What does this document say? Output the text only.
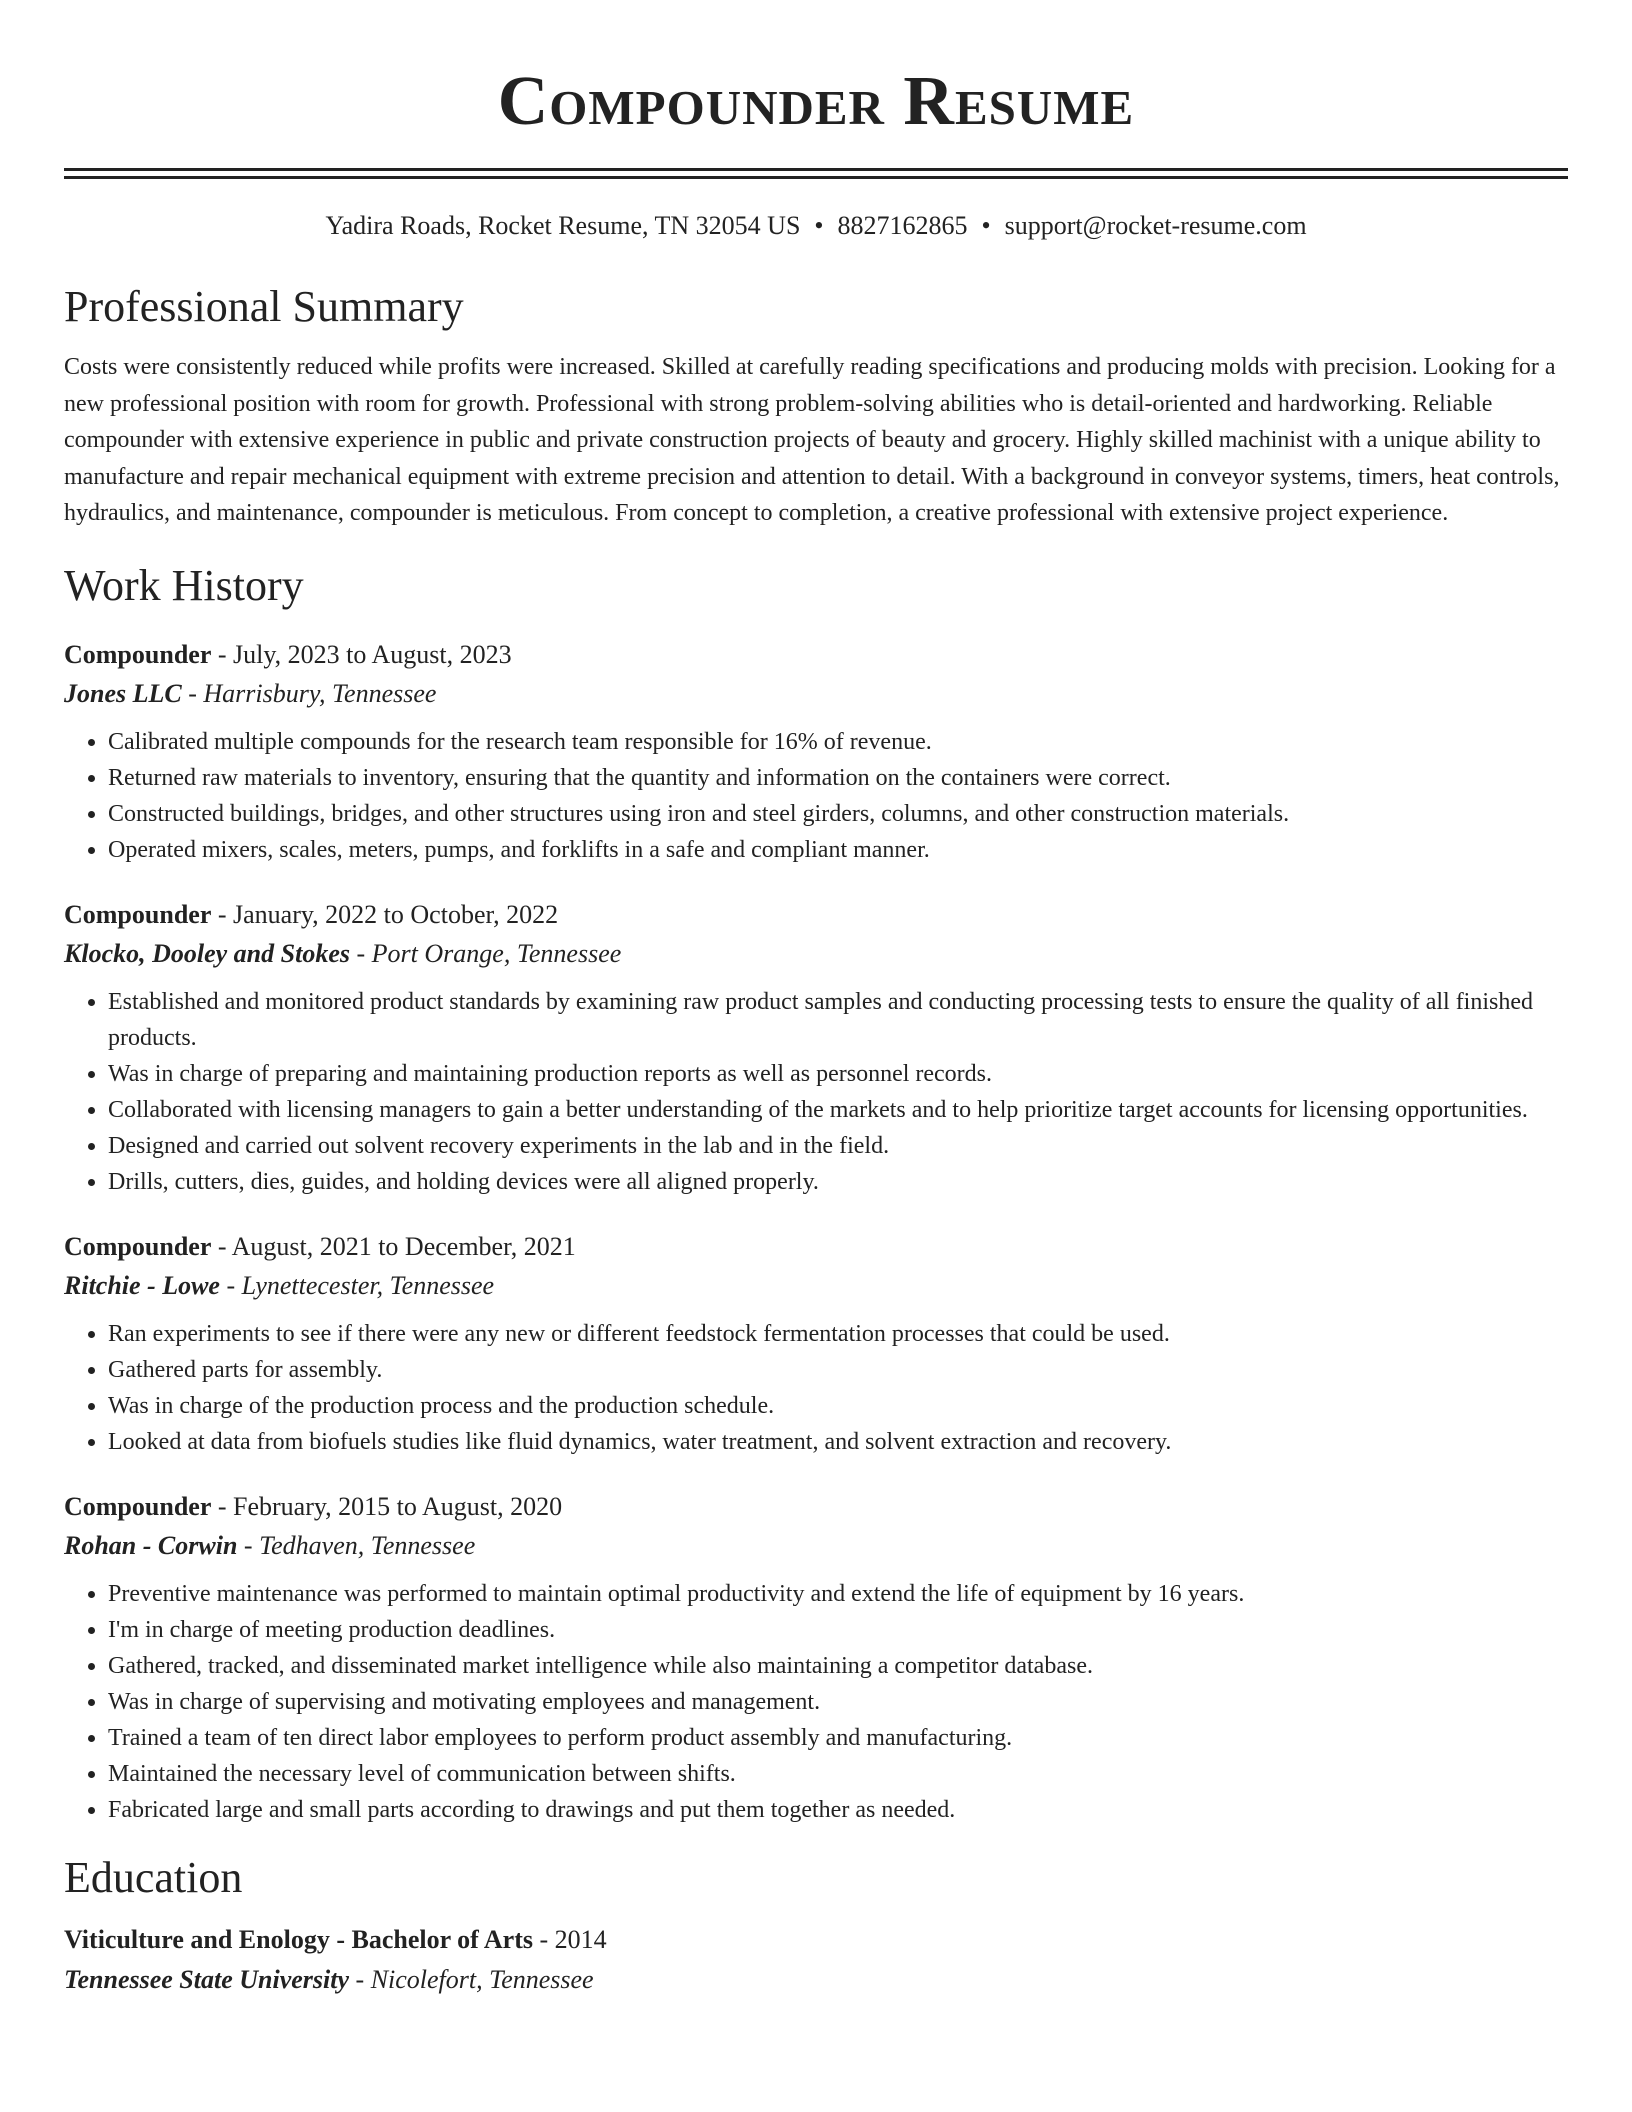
Compounder Resume
Yadira Roads, Rocket Resume, TN 32054 US • 8827162865 • support@rocket-resume.com
Professional Summary
Costs were consistently reduced while profits were increased. Skilled at carefully reading specifications and producing molds with precision. Looking for a new professional position with room for growth. Professional with strong problem-solving abilities who is detail-oriented and hardworking. Reliable compounder with extensive experience in public and private construction projects of beauty and grocery. Highly skilled machinist with a unique ability to manufacture and repair mechanical equipment with extreme precision and attention to detail. With a background in conveyor systems, timers, heat controls, hydraulics, and maintenance, compounder is meticulous. From concept to completion, a creative professional with extensive project experience.
Work History
Compounder - July, 2023 to August, 2023
Jones LLC - Harrisbury, Tennessee
• Calibrated multiple compounds for the research team responsible for 16% of revenue.
• Returned raw materials to inventory, ensuring that the quantity and information on the containers were correct.
• Constructed buildings, bridges, and other structures using iron and steel girders, columns, and other construction materials.
• Operated mixers, scales, meters, pumps, and forklifts in a safe and compliant manner.
Compounder - January, 2022 to October, 2022
Klocko, Dooley and Stokes - Port Orange, Tennessee
• Established and monitored product standards by examining raw product samples and conducting processing tests to ensure the quality of all finished products.
• Was in charge of preparing and maintaining production reports as well as personnel records.
• Collaborated with licensing managers to gain a better understanding of the markets and to help prioritize target accounts for licensing opportunities.
• Designed and carried out solvent recovery experiments in the lab and in the field.
• Drills, cutters, dies, guides, and holding devices were all aligned properly.
Compounder - August, 2021 to December, 2021
Ritchie - Lowe - Lynettecester, Tennessee
• Ran experiments to see if there were any new or different feedstock fermentation processes that could be used.
• Gathered parts for assembly.
• Was in charge of the production process and the production schedule.
• Looked at data from biofuels studies like fluid dynamics, water treatment, and solvent extraction and recovery.
Compounder - February, 2015 to August, 2020
Rohan - Corwin - Tedhaven, Tennessee
• Preventive maintenance was performed to maintain optimal productivity and extend the life of equipment by 16 years.
• I'm in charge of meeting production deadlines.
• Gathered, tracked, and disseminated market intelligence while also maintaining a competitor database.
• Was in charge of supervising and motivating employees and management.
• Trained a team of ten direct labor employees to perform product assembly and manufacturing.
• Maintained the necessary level of communication between shifts.
• Fabricated large and small parts according to drawings and put them together as needed.
Education
Viticulture and Enology - Bachelor of Arts - 2014
Tennessee State University - Nicolefort, Tennessee
